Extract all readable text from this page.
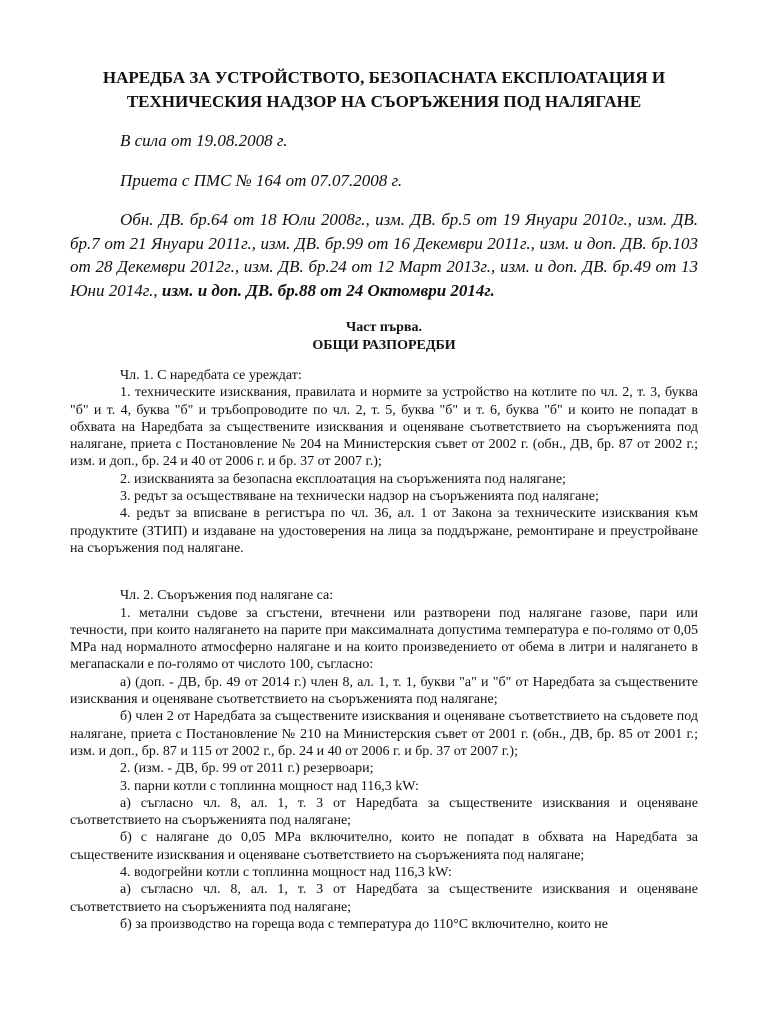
НАРЕДБА ЗА УСТРОЙСТВОТО, БЕЗОПАСНАТА ЕКСПЛОАТАЦИЯ И
ТЕХНИЧЕСКИЯ НАДЗОР НА СЪОРЪЖЕНИЯ ПОД НАЛЯГАНЕ

В сила от 19.08.2008 г.

Приета с ПМС № 164 от 07.07.2008 г.

Обн. ДВ. бр.64 от 18 Юли 2008г., изм. ДВ. бр.5 от 19 Януари 2010г., изм. ДВ. бр.7 от 21 Януари 2011г., изм. ДВ. бр.99 от 16 Декември 2011г., изм. и доп. ДВ. бр.103 от 28 Декември 2012г., изм. ДВ. бр.24 от 12 Март 2013г., изм. и доп. ДВ. бр.49 от 13 Юни 2014г., изм. и доп. ДВ. бр.88 от 24 Октомври 2014г.

Част първа.

ОБЩИ РАЗПОРЕДБИ

Чл. 1. С наредбата се уреждат:

1. техническите изисквания, правилата и нормите за устройство на котлите по чл. 2, т. 3, буква "б" и т. 4, буква "б" и тръбопроводите по чл. 2, т. 5, буква "б" и т. 6, буква "б" и които не попадат в обхвата на Наредбата за съществените изисквания и оценяване съответствието на съоръженията под налягане, приета с Постановление № 204 на Министерския съвет от 2002 г. (обн., ДВ, бр. 87 от 2002 г.; изм. и доп., бр. 24 и 40 от 2006 г. и бр. 37 от 2007 г.);

2. изискванията за безопасна експлоатация на съоръженията под налягане;

3. редът за осъществяване на технически надзор на съоръженията под налягане;

4. редът за вписване в регистъра по чл. 36, ал. 1 от Закона за техническите изисквания към продуктите (ЗТИП) и издаване на удостоверения на лица за поддържане, ремонтиране и преустройване на съоръжения под налягане.

Чл. 2. Съоръжения под налягане са:

1. метални съдове за сгъстени, втечнени или разтворени под налягане газове, пари или течности, при които налягането на парите при максималната допустима температура е по-голямо от 0,05 MPa над нормалното атмосферно налягане и на които произведението от обема в литри и налягането в мегапаскали е по-голямо от числото 100, съгласно:

а) (доп. - ДВ, бр. 49 от 2014 г.) член 8, ал. 1, т. 1, букви "а" и "б" от Наредбата за съществените изисквания и оценяване съответствието на съоръженията под налягане;

б) член 2 от Наредбата за съществените изисквания и оценяване съответствието на съдовете под налягане, приета с Постановление № 210 на Министерския съвет от 2001 г. (обн., ДВ, бр. 85 от 2001 г.; изм. и доп., бр. 87 и 115 от 2002 г., бр. 24 и 40 от 2006 г. и бр. 37 от 2007 г.);

2. (изм. - ДВ, бр. 99 от 2011 г.) резервоари;

3. парни котли с топлинна мощност над 116,3 kW:

а) съгласно чл. 8, ал. 1, т. 3 от Наредбата за съществените изисквания и оценяване съответствието на съоръженията под налягане;

б) с налягане до 0,05 MPa включително, които не попадат в обхвата на Наредбата за съществените изисквания и оценяване съответствието на съоръженията под налягане;

4. водогрейни котли с топлинна мощност над 116,3 kW:

а) съгласно чл. 8, ал. 1, т. 3 от Наредбата за съществените изисквания и оценяване съответствието на съоръженията под налягане;

б) за производство на гореща вода с температура до 110°C включително, които не
